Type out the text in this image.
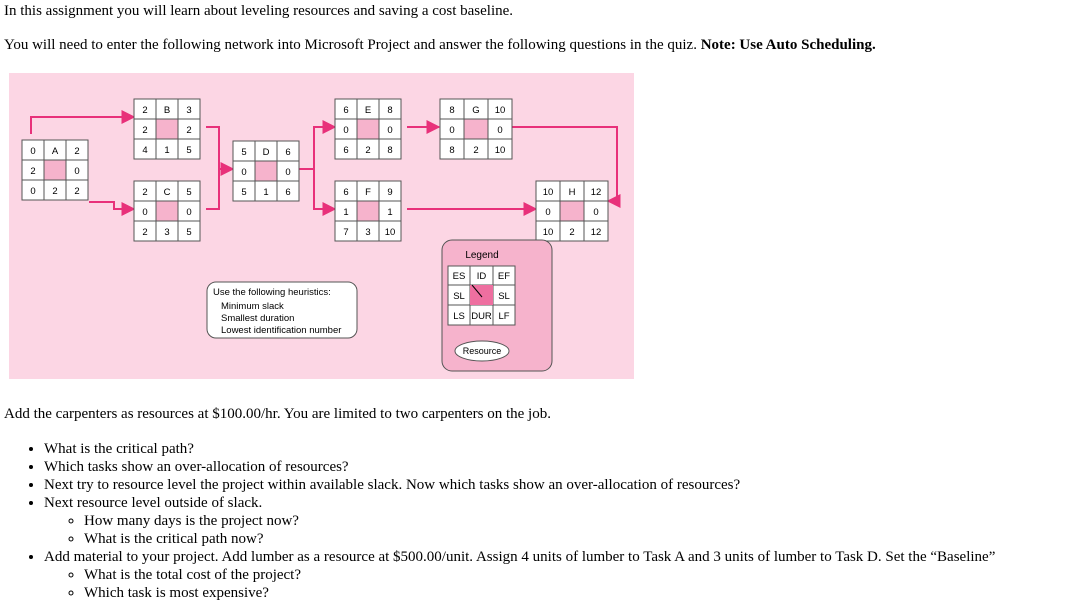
In this assignment you will learn about leveling resources and saving a cost baseline.

You will need to enter the following network into Microsoft Project and answer the following questions in the quiz. Note: Use Auto Scheduling.

0 A 2
2	0
0 2 2
2 B 3
2	2
4 1 5
2 C 5
0	0
2 3 5
5 D 6
0	0
5 1 6
6 E 8
0	0
6 2 8
6 F 9
1	1
7 3 10
8 G 10
0	0
8 2 10
10 H 12
0	0
10 2 12
Use the following heuristics:
Minimum slack
Smallest duration
Lowest identification number
Legend
ES ID EF
SL	SL
LS DUR LF
Resource

Add the carpenters as resources at $100.00/hr. You are limited to two carpenters on the job.

• What is the critical path?
• Which tasks show an over-allocation of resources?
• Next try to resource level the project within available slack. Now which tasks show an over-allocation of resources?
• Next resource level outside of slack.
◦ How many days is the project now?
◦ What is the critical path now?
• Add material to your project. Add lumber as a resource at $500.00/unit. Assign 4 units of lumber to Task A and 3 units of lumber to Task D. Set the “Baseline”
◦ What is the total cost of the project?
◦ Which task is most expensive?
